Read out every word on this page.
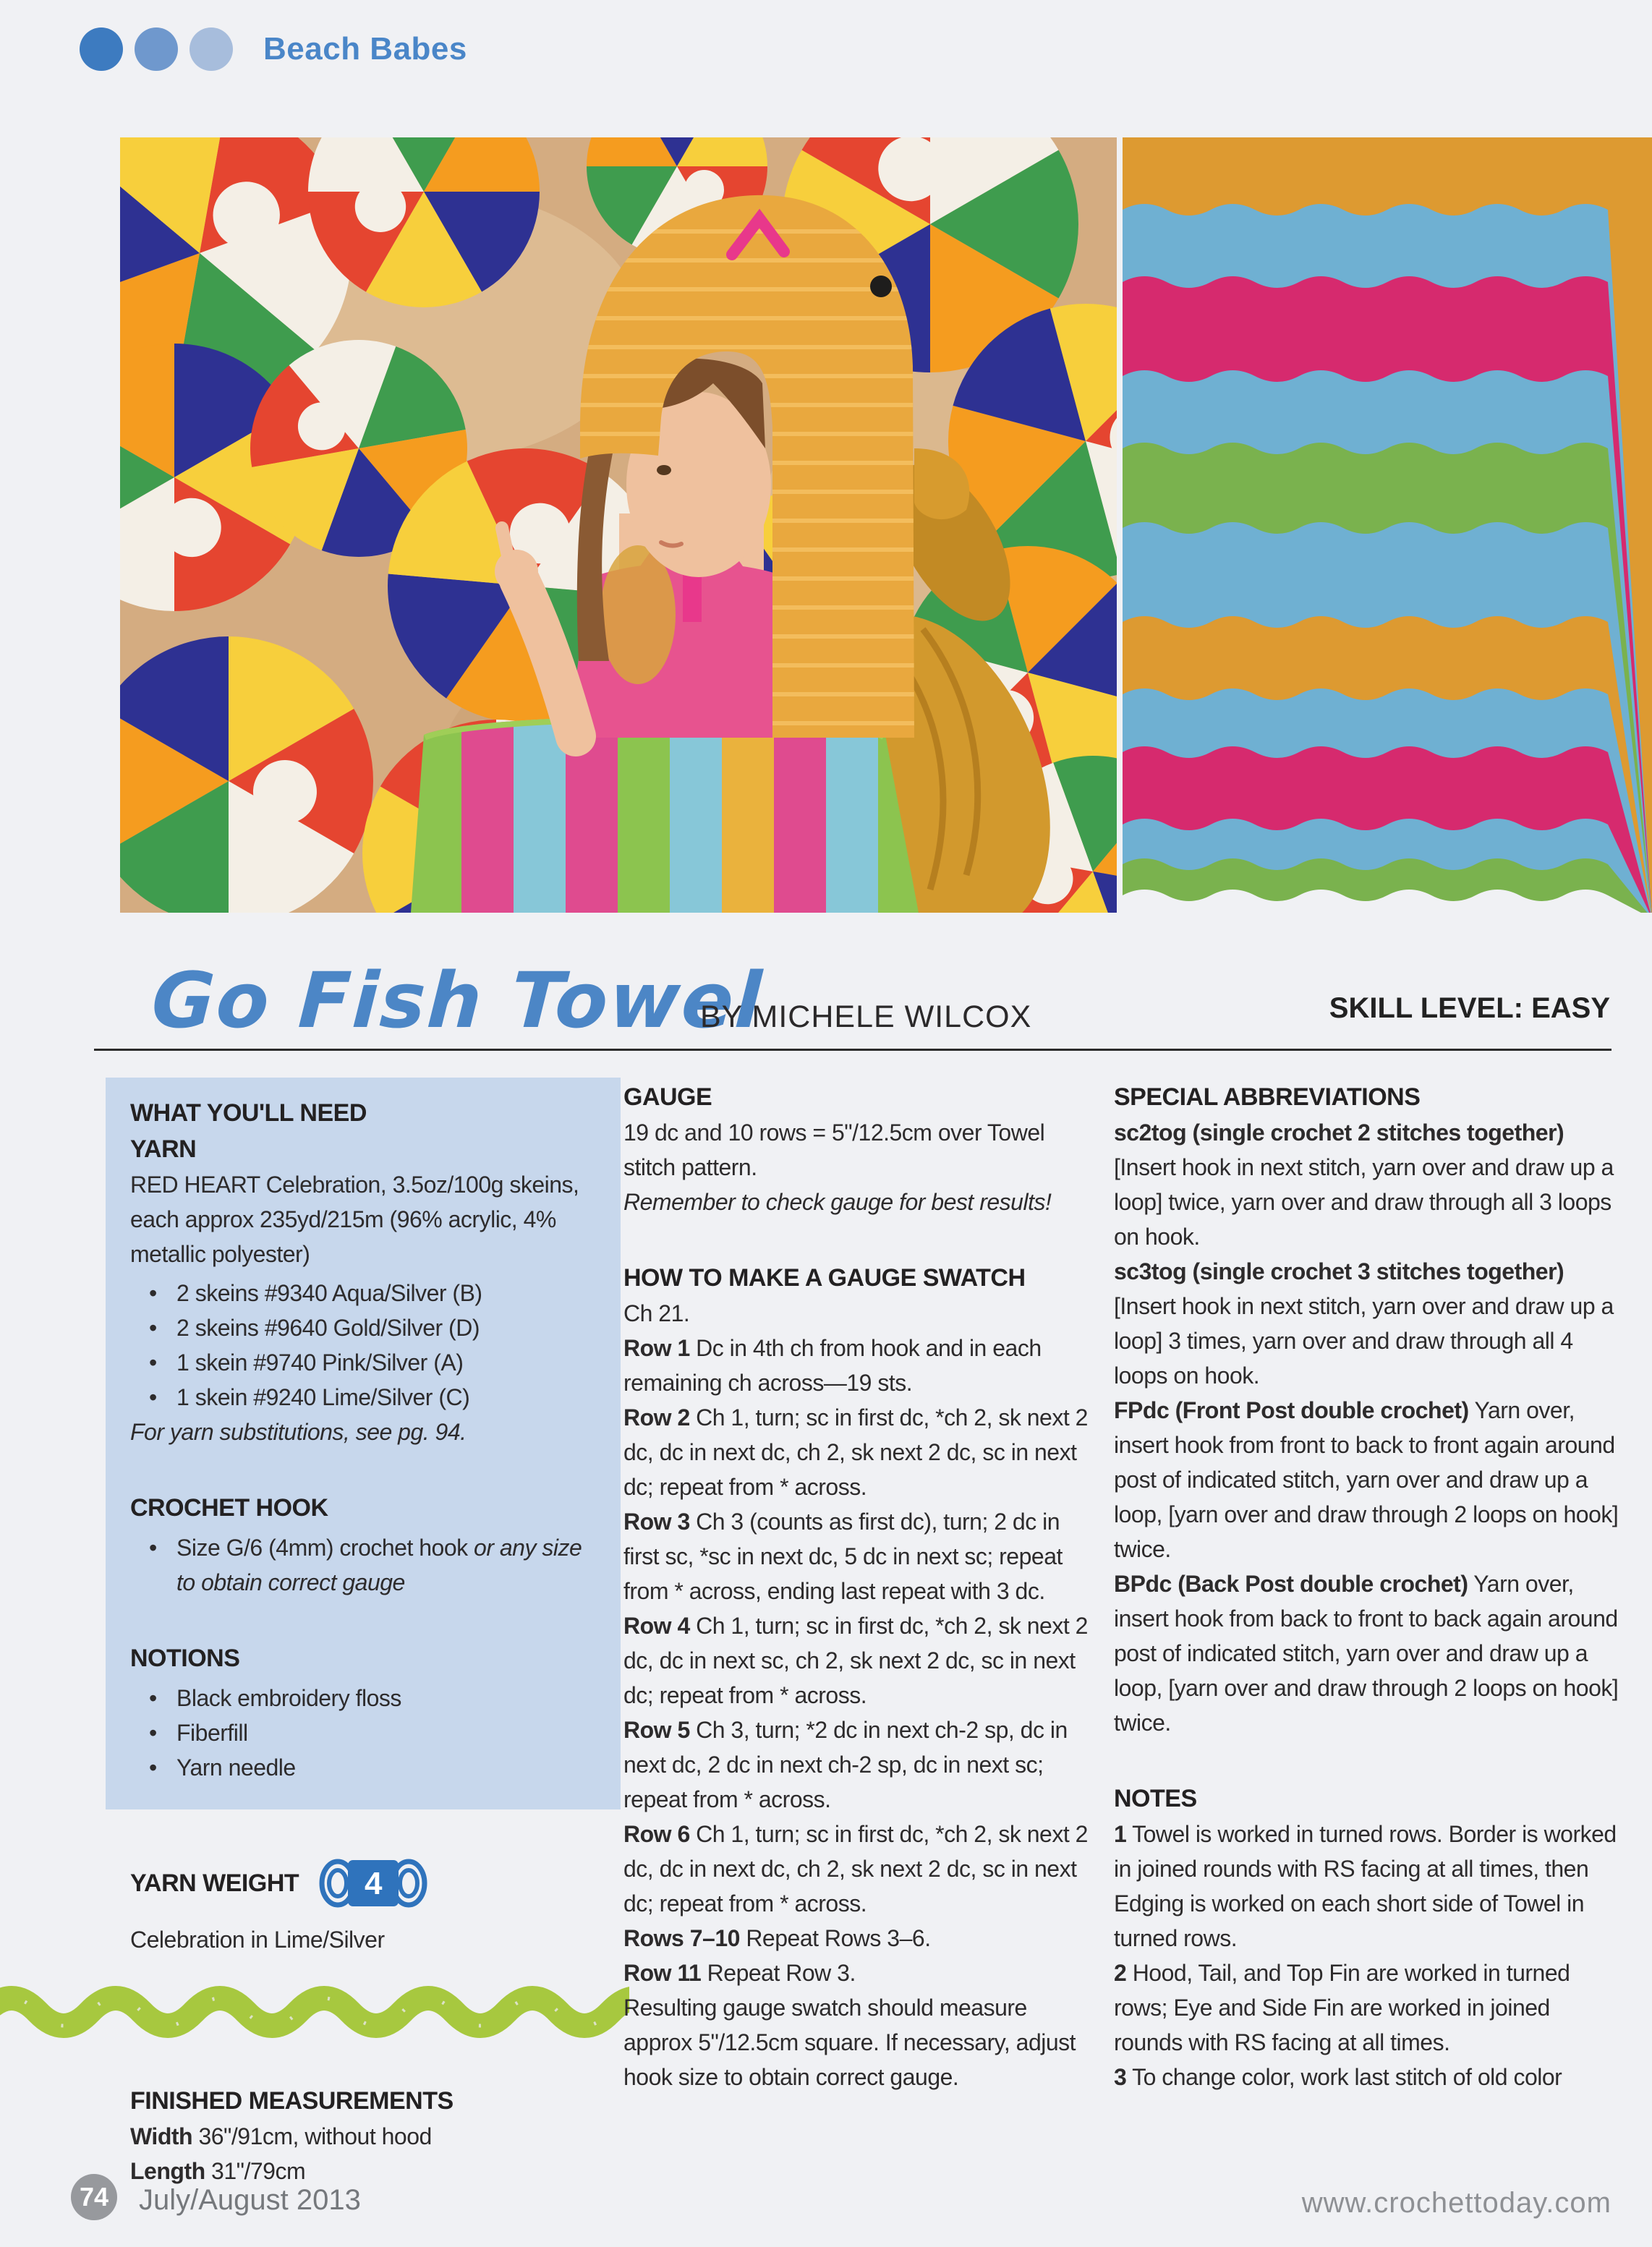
Beach Babes
Go Fish Towel
BY MICHELE WILCOX	SKILL LEVEL: EASY
WHAT YOU'LL NEED
YARN

RED HEART Celebration, 3.5oz/100g skeins, each approx 235yd/215m (96% acrylic, 4% metallic polyester)

• 2 skeins #9340 Aqua/Silver (B)
• 2 skeins #9640 Gold/Silver (D)
• 1 skein #9740 Pink/Silver (A)
• 1 skein #9240 Lime/Silver (C)

For yarn substitutions, see pg. 94.

CROCHET HOOK
• Size G/6 (4mm) crochet hook or any size to obtain correct gauge
NOTIONS
• Black embroidery floss
• Fiberfill
• Yarn needle
YARN WEIGHT 4

Celebration in Lime/Silver

FINISHED MEASUREMENTS

Width 36"/91cm, without hood

Length 31"/79cm

GAUGE

19 dc and 10 rows = 5"/12.5cm over Towel stitch pattern.

Remember to check gauge for best results!

HOW TO MAKE A GAUGE SWATCH

Ch 21.

Row 1 Dc in 4th ch from hook and in each remaining ch across—19 sts.

Row 2 Ch 1, turn; sc in first dc, *ch 2, sk next 2 dc, dc in next dc, ch 2, sk next 2 dc, sc in next dc; repeat from * across.

Row 3 Ch 3 (counts as first dc), turn; 2 dc in first sc, *sc in next dc, 5 dc in next sc; repeat from * across, ending last repeat with 3 dc.

Row 4 Ch 1, turn; sc in first dc, *ch 2, sk next 2 dc, dc in next sc, ch 2, sk next 2 dc, sc in next dc; repeat from * across.

Row 5 Ch 3, turn; *2 dc in next ch-2 sp, dc in next dc, 2 dc in next ch-2 sp, dc in next sc; repeat from * across.

Row 6 Ch 1, turn; sc in first dc, *ch 2, sk next 2 dc, dc in next dc, ch 2, sk next 2 dc, sc in next dc; repeat from * across.

Rows 7–10 Repeat Rows 3–6.

Row 11 Repeat Row 3.

Resulting gauge swatch should measure approx 5"/12.5cm square. If necessary, adjust hook size to obtain correct gauge.

SPECIAL ABBREVIATIONS

sc2tog (single crochet 2 stitches together) [Insert hook in next stitch, yarn over and draw up a loop] twice, yarn over and draw through all 3 loops on hook.

sc3tog (single crochet 3 stitches together) [Insert hook in next stitch, yarn over and draw up a loop] 3 times, yarn over and draw through all 4 loops on hook.

FPdc (Front Post double crochet) Yarn over, insert hook from front to back to front again around post of indicated stitch, yarn over and draw up a loop, [yarn over and draw through 2 loops on hook] twice.

BPdc (Back Post double crochet) Yarn over, insert hook from back to front to back again around post of indicated stitch, yarn over and draw up a loop, [yarn over and draw through 2 loops on hook] twice.

NOTES

1 Towel is worked in turned rows. Border is worked in joined rounds with RS facing at all times, then Edging is worked on each short side of Towel in turned rows.

2 Hood, Tail, and Top Fin are worked in turned rows; Eye and Side Fin are worked in joined rounds with RS facing at all times.

3 To change color, work last stitch of old color

74 July/August 2013	www.crochettoday.com
